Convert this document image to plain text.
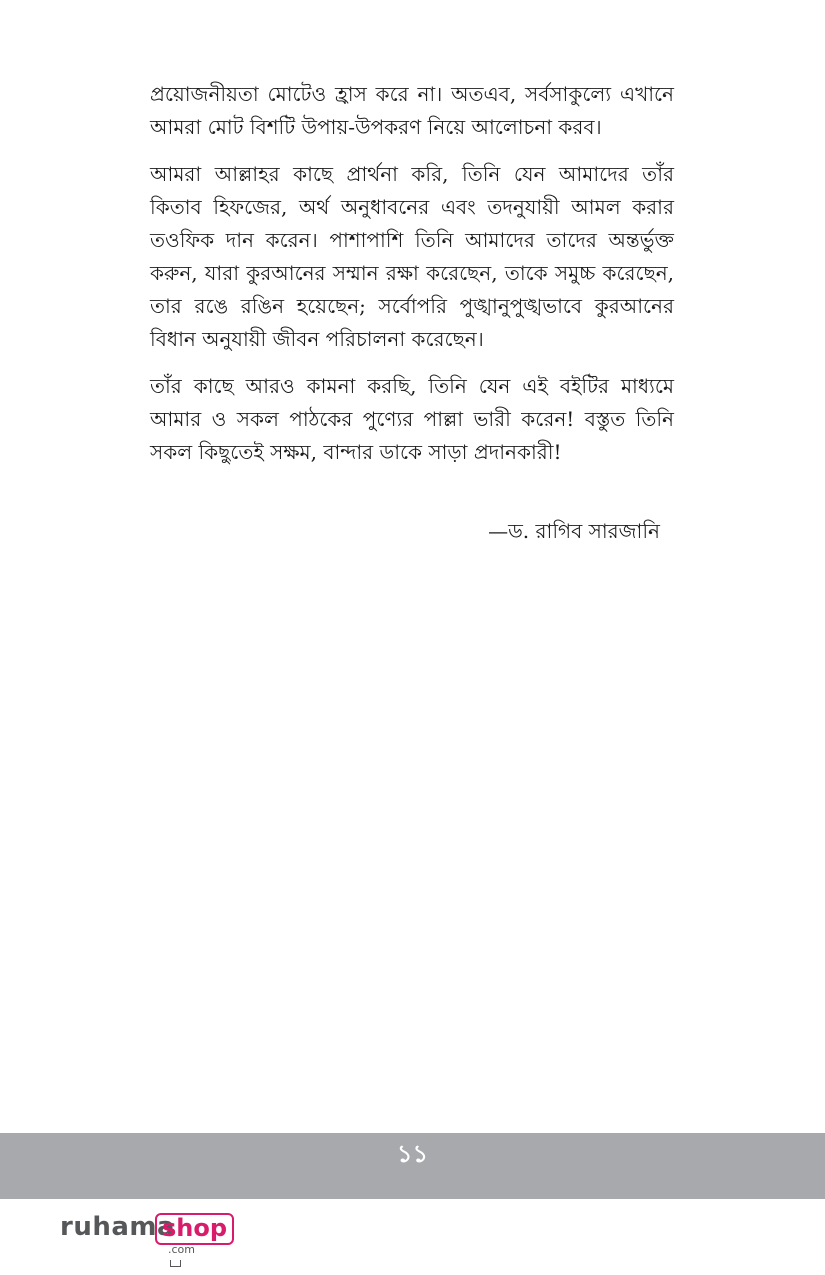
প্রয়োজনীয়তা মোটেও হ্রাস করে না। অতএব, সর্বসাকুল্যে এখানে আমরা মোট বিশটি উপায়-উপকরণ নিয়ে আলোচনা করব।

আমরা আল্লাহর কাছে প্রার্থনা করি, তিনি যেন আমাদের তাঁর কিতাব হিফজের, অর্থ অনুধাবনের এবং তদনুযায়ী আমল করার তওফিক দান করেন। পাশাপাশি তিনি আমাদের তাদের অন্তর্ভুক্ত করুন, যারা কুরআনের সম্মান রক্ষা করেছেন, তাকে সমুচ্চ করেছেন, তার রঙে রঙিন হয়েছেন; সর্বোপরি পুঙ্খানুপুঙ্খভাবে কুরআনের বিধান অনুযায়ী জীবন পরিচালনা করেছেন।

তাঁর কাছে আরও কামনা করছি, তিনি যেন এই বইটির মাধ্যমে আমার ও সকল পাঠকের পুণ্যের পাল্লা ভারী করেন! বস্তুত তিনি সকল কিছুতেই সক্ষম, বান্দার ডাকে সাড়া প্রদানকারী!

—ড. রাগিব সারজানি
১১
ruhama
shop
.com
